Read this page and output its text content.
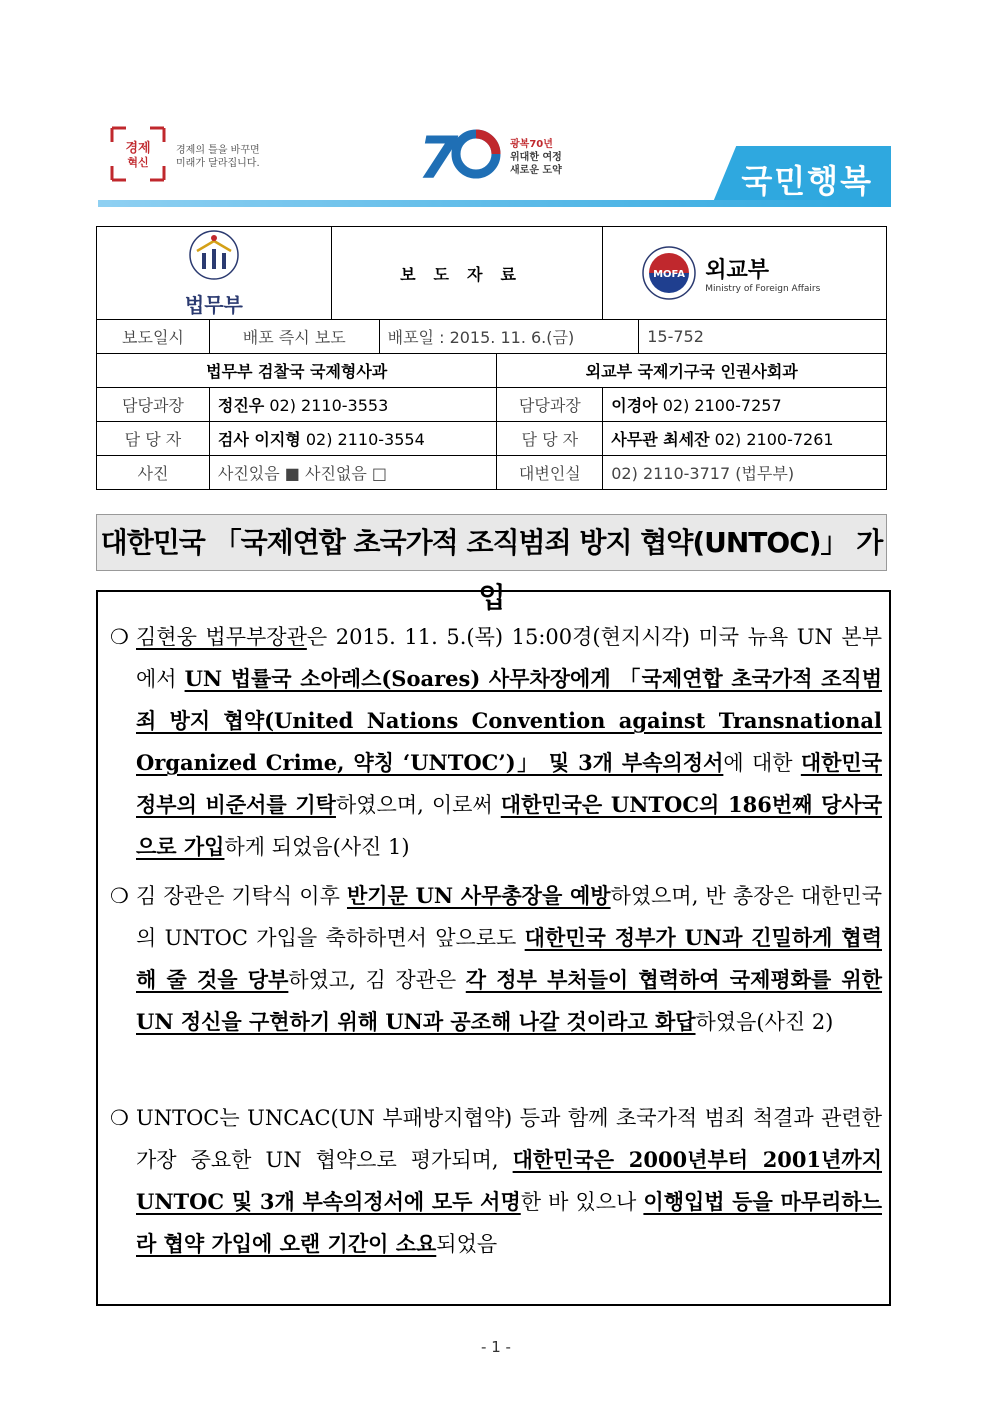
경제
혁신
경제의 틀을 바꾸면
미래가 달라집니다.	7	광복70년
위대한 여정
새로운 도약	국민행복
법무부		보도자료			MOFA 외교부
Ministry of Foreign Affairs	

보도일시	배포 즉시 보도		배포일 : 2015. 11. 6.(금)			15-752
법무부 검찰국 국제형사과				외교부 국제기구국 인권사회과		
담당과장	정진우 02) 2110-3553			담당과장	이경아 02) 2100-7257	
담 당 자	검사 이지형 02) 2110-3554			담 당 자	사무관 최세잔 02) 2100-7261	
사진	사진있음 ■ 사진없음 □			대변인실	02) 2110-3717 (법무부)	
대한민국 「국제연합 초국가적 조직범죄 방지 협약(UNTOC)」 가입
❍ 김현웅 법무부장관은 2015. 11. 5.(목) 15:00경(현지시각) 미국 뉴욕 UN 본부에서 UN 법률국 소아레스(Soares) 사무차장에게 「국제연합 초국가적 조직범죄 방지 협약(United Nations Convention against Transnational Organized Crime, 약칭 ‘UNTOC’)」 및 3개 부속의정서에 대한 대한민국 정부의 비준서를 기탁하였으며, 이로써 대한민국은 UNTOC의 186번째 당사국으로 가입하게 되었음(사진 1)
❍ 김 장관은 기탁식 이후 반기문 UN 사무총장을 예방하였으며, 반 총장은 대한민국의 UNTOC 가입을 축하하면서 앞으로도 대한민국 정부가 UN과 긴밀하게 협력해 줄 것을 당부하였고, 김 장관은 각 정부 부처들이 협력하여 국제평화를 위한 UN 정신을 구현하기 위해 UN과 공조해 나갈 것이라고 화답하였음(사진 2)
❍ UNTOC는 UNCAC(UN 부패방지협약) 등과 함께 초국가적 범죄 척결과 관련한 가장 중요한 UN 협약으로 평가되며, 대한민국은 2000년부터 2001년까지 UNTOC 및 3개 부속의정서에 모두 서명한 바 있으나 이행입법 등을 마무리하느라 협약 가입에 오랜 기간이 소요되었음
- 1 -
